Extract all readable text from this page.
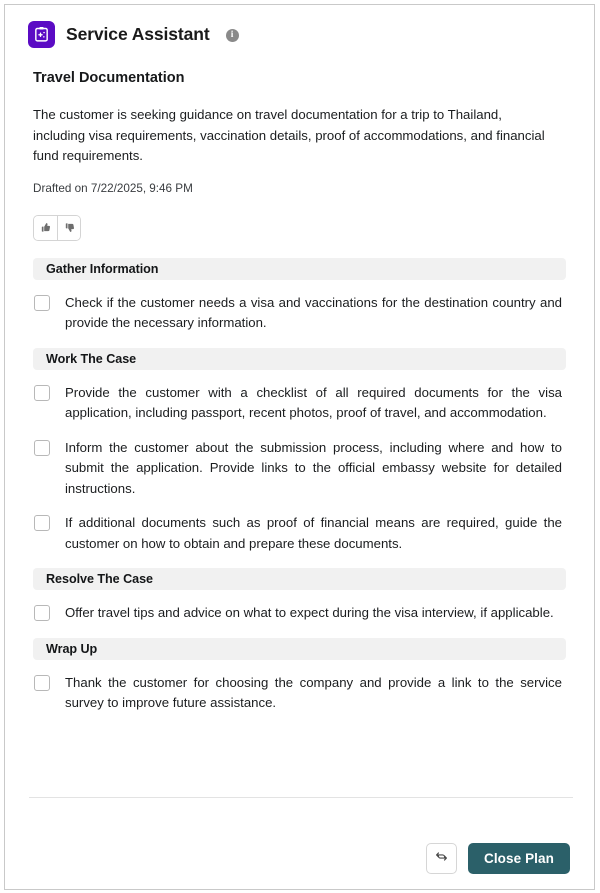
Service Assistant	i
Travel Documentation
The customer is seeking guidance on travel documentation for a trip to Thailand, including visa requirements, vaccination details, proof of accommodations, and financial fund requirements.
Drafted on 7/22/2025, 9:46 PM
Gather Information
Check if the customer needs a visa and vaccinations for the destination country and provide the necessary information.
Work The Case
Provide the customer with a checklist of all required documents for the visa application, including passport, recent photos, proof of travel, and accommodation.
Inform the customer about the submission process, including where and how to submit the application. Provide links to the official embassy website for detailed instructions.
If additional documents such as proof of financial means are required, guide the customer on how to obtain and prepare these documents.
Resolve The Case
Offer travel tips and advice on what to expect during the visa interview, if applicable.
Wrap Up
Thank the customer for choosing the company and provide a link to the service survey to improve future assistance.
Close Plan
